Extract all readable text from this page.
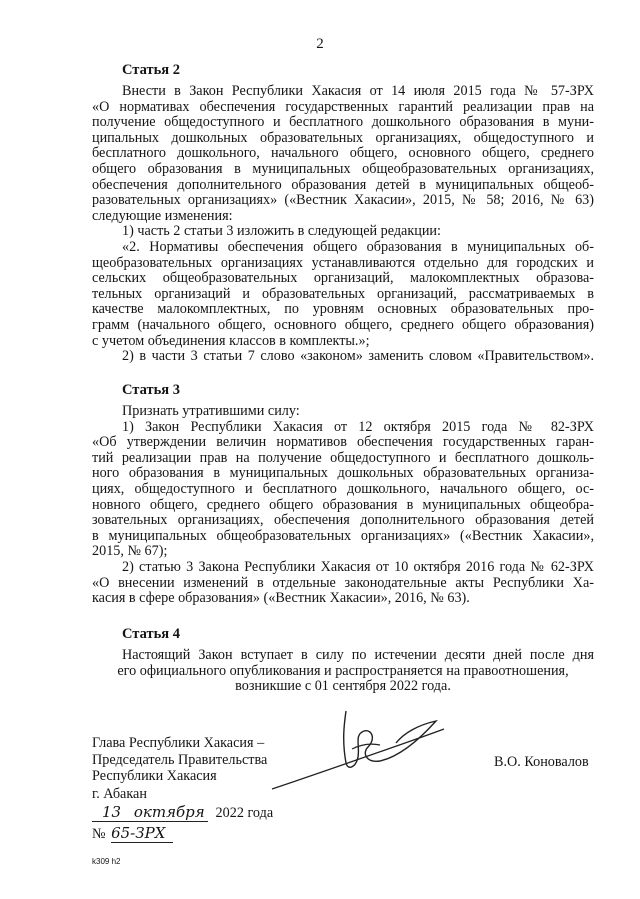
2
Статья 2
Внести в Закон Республики Хакасия от 14 июля 2015 года № 57-ЗРХ
«О нормативах обеспечения государственных гарантий реализации прав на
получение общедоступного и бесплатного дошкольного образования в муни-
ципальных дошкольных образовательных организациях, общедоступного и
бесплатного дошкольного, начального общего, основного общего, среднего
общего образования в муниципальных общеобразовательных организациях,
обеспечения дополнительного образования детей в муниципальных общеоб-
разовательных организациях» («Вестник Хакасии», 2015, № 58; 2016, № 63)
следующие изменения:
1) часть 2 статьи 3 изложить в следующей редакции:
«2. Нормативы обеспечения общего образования в муниципальных об-
щеобразовательных организациях устанавливаются отдельно для городских и
сельских общеобразовательных организаций, малокомплектных образова-
тельных организаций и образовательных организаций, рассматриваемых в
качестве малокомплектных, по уровням основных образовательных про-
грамм (начального общего, основного общего, среднего общего образования)
с учетом объединения классов в комплекты.»;
2) в части 3 статьи 7 слово «законом» заменить словом «Правительством».
Статья 3
Признать утратившими силу:
1) Закон Республики Хакасия от 12 октября 2015 года № 82-ЗРХ
«Об утверждении величин нормативов обеспечения государственных гаран-
тий реализации прав на получение общедоступного и бесплатного дошколь-
ного образования в муниципальных дошкольных образовательных организа-
циях, общедоступного и бесплатного дошкольного, начального общего, ос-
новного общего, среднего общего образования в муниципальных общеобра-
зовательных организациях, обеспечения дополнительного образования детей
в муниципальных общеобразовательных организациях» («Вестник Хакасии»,
2015, № 67);
2) статью 3 Закона Республики Хакасия от 10 октября 2016 года № 62-ЗРХ
«О внесении изменений в отдельные законодательные акты Республики Ха-
касия в сфере образования» («Вестник Хакасии», 2016, № 63).
Статья 4
Настоящий Закон вступает в силу по истечении десяти дней после дня
его официального опубликования и распространяется на правоотношения,
возникшие с 01 сентября 2022 года.
Глава Республики Хакасия –
Председатель Правительства
Республики Хакасия
В.О. Коновалов
г. Абакан
13 октября 2022 года
№ 65-ЗРХ
k309 h2
